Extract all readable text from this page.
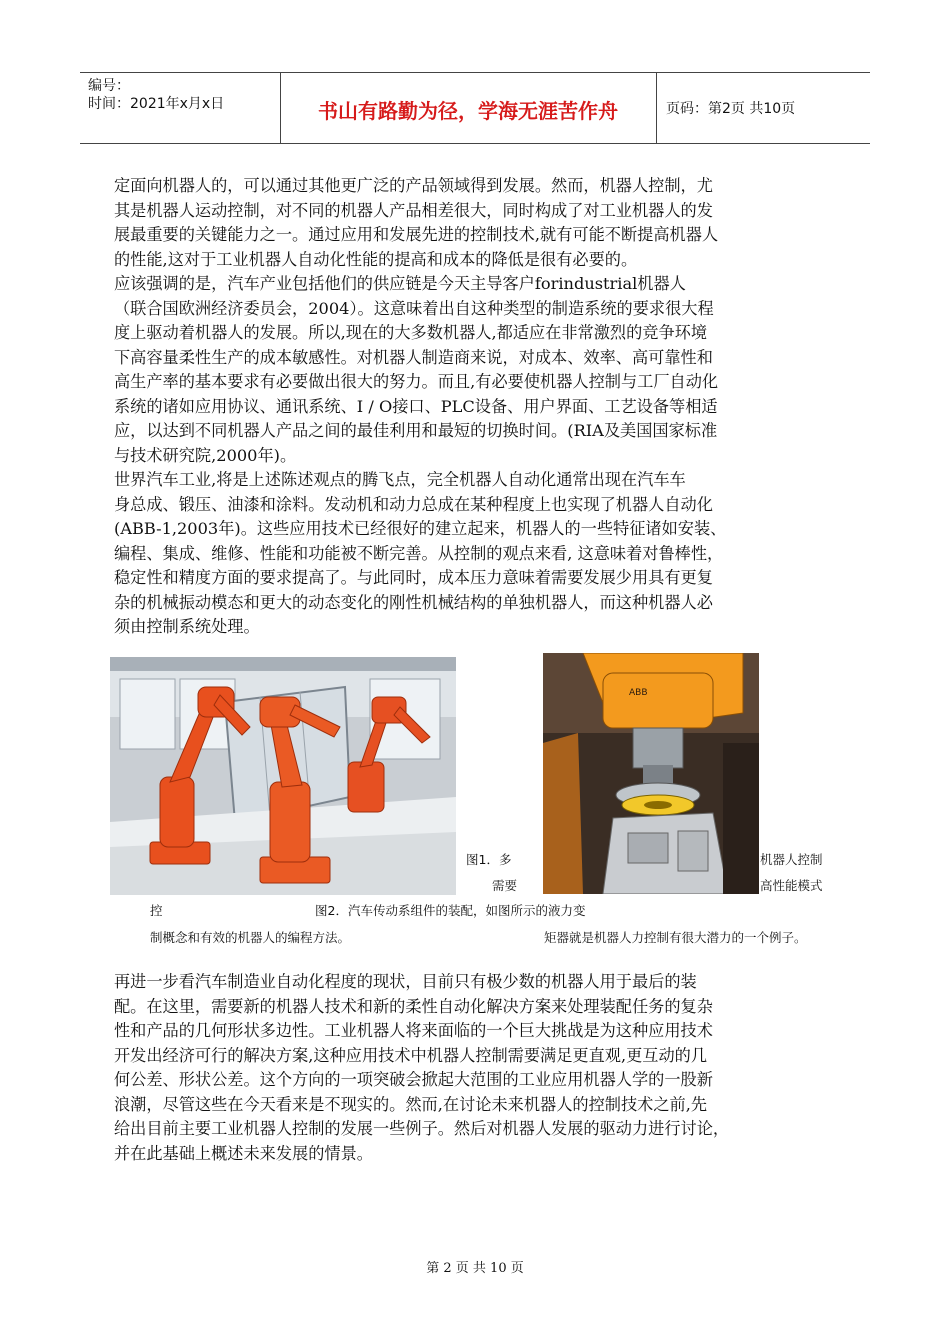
编号：
时间：2021年x月x日	书山有路勤为径，学海无涯苦作舟	页码：第2页 共10页
定面向机器人的，可以通过其他更广泛的产品领域得到发展。然而，机器人控制，尤
其是机器人运动控制，对不同的机器人产品相差很大，同时构成了对工业机器人的发
展最重要的关键能力之一。通过应用和发展先进的控制技术,就有可能不断提高机器人
的性能,这对于工业机器人自动化性能的提高和成本的降低是很有必要的。
应该强调的是，汽车产业包括他们的供应链是今天主导客户forindustrial机器人
（联合国欧洲经济委员会，2004）。这意味着出自这种类型的制造系统的要求很大程
度上驱动着机器人的发展。所以,现在的大多数机器人,都适应在非常激烈的竞争环境
下高容量柔性生产的成本敏感性。对机器人制造商来说，对成本、效率、高可靠性和
高生产率的基本要求有必要做出很大的努力。而且,有必要使机器人控制与工厂自动化
系统的诸如应用协议、通讯系统、I / O接口、PLC设备、用户界面、工艺设备等相适
应，以达到不同机器人产品之间的最佳利用和最短的切换时间。(RIA及美国国家标准
与技术研究院,2000年)。
世界汽车工业,将是上述陈述观点的腾飞点，完全机器人自动化通常出现在汽车车
身总成、锻压、油漆和涂料。发动机和动力总成在某种程度上也实现了机器人自动化
(ABB-1,2003年)。这些应用技术已经很好的建立起来，机器人的一些特征诸如安装、
编程、集成、维修、性能和功能被不断完善。从控制的观点来看, 这意味着对鲁棒性，
稳定性和精度方面的要求提高了。与此同时，成本压力意味着需要发展少用具有更复
杂的机械振动模态和更大的动态变化的刚性机械结构的单独机器人，而这种机器人必
须由控制系统处理。
ABB
图1．多
需要
机器人控制
高性能模式
控	图2．汽车传动系组件的装配，如图所示的液力变
制概念和有效的机器人的编程方法。	矩器就是机器人力控制有很大潜力的一个例子。
再进一步看汽车制造业自动化程度的现状，目前只有极少数的机器人用于最后的装
配。在这里，需要新的机器人技术和新的柔性自动化解决方案来处理装配任务的复杂
性和产品的几何形状多边性。工业机器人将来面临的一个巨大挑战是为这种应用技术
开发出经济可行的解决方案,这种应用技术中机器人控制需要满足更直观,更互动的几
何公差、形状公差。这个方向的一项突破会掀起大范围的工业应用机器人学的一股新
浪潮，尽管这些在今天看来是不现实的。然而,在讨论未来机器人的控制技术之前,先
给出目前主要工业机器人控制的发展一些例子。然后对机器人发展的驱动力进行讨论，
并在此基础上概述未来发展的情景。
第 2 页 共 10 页
